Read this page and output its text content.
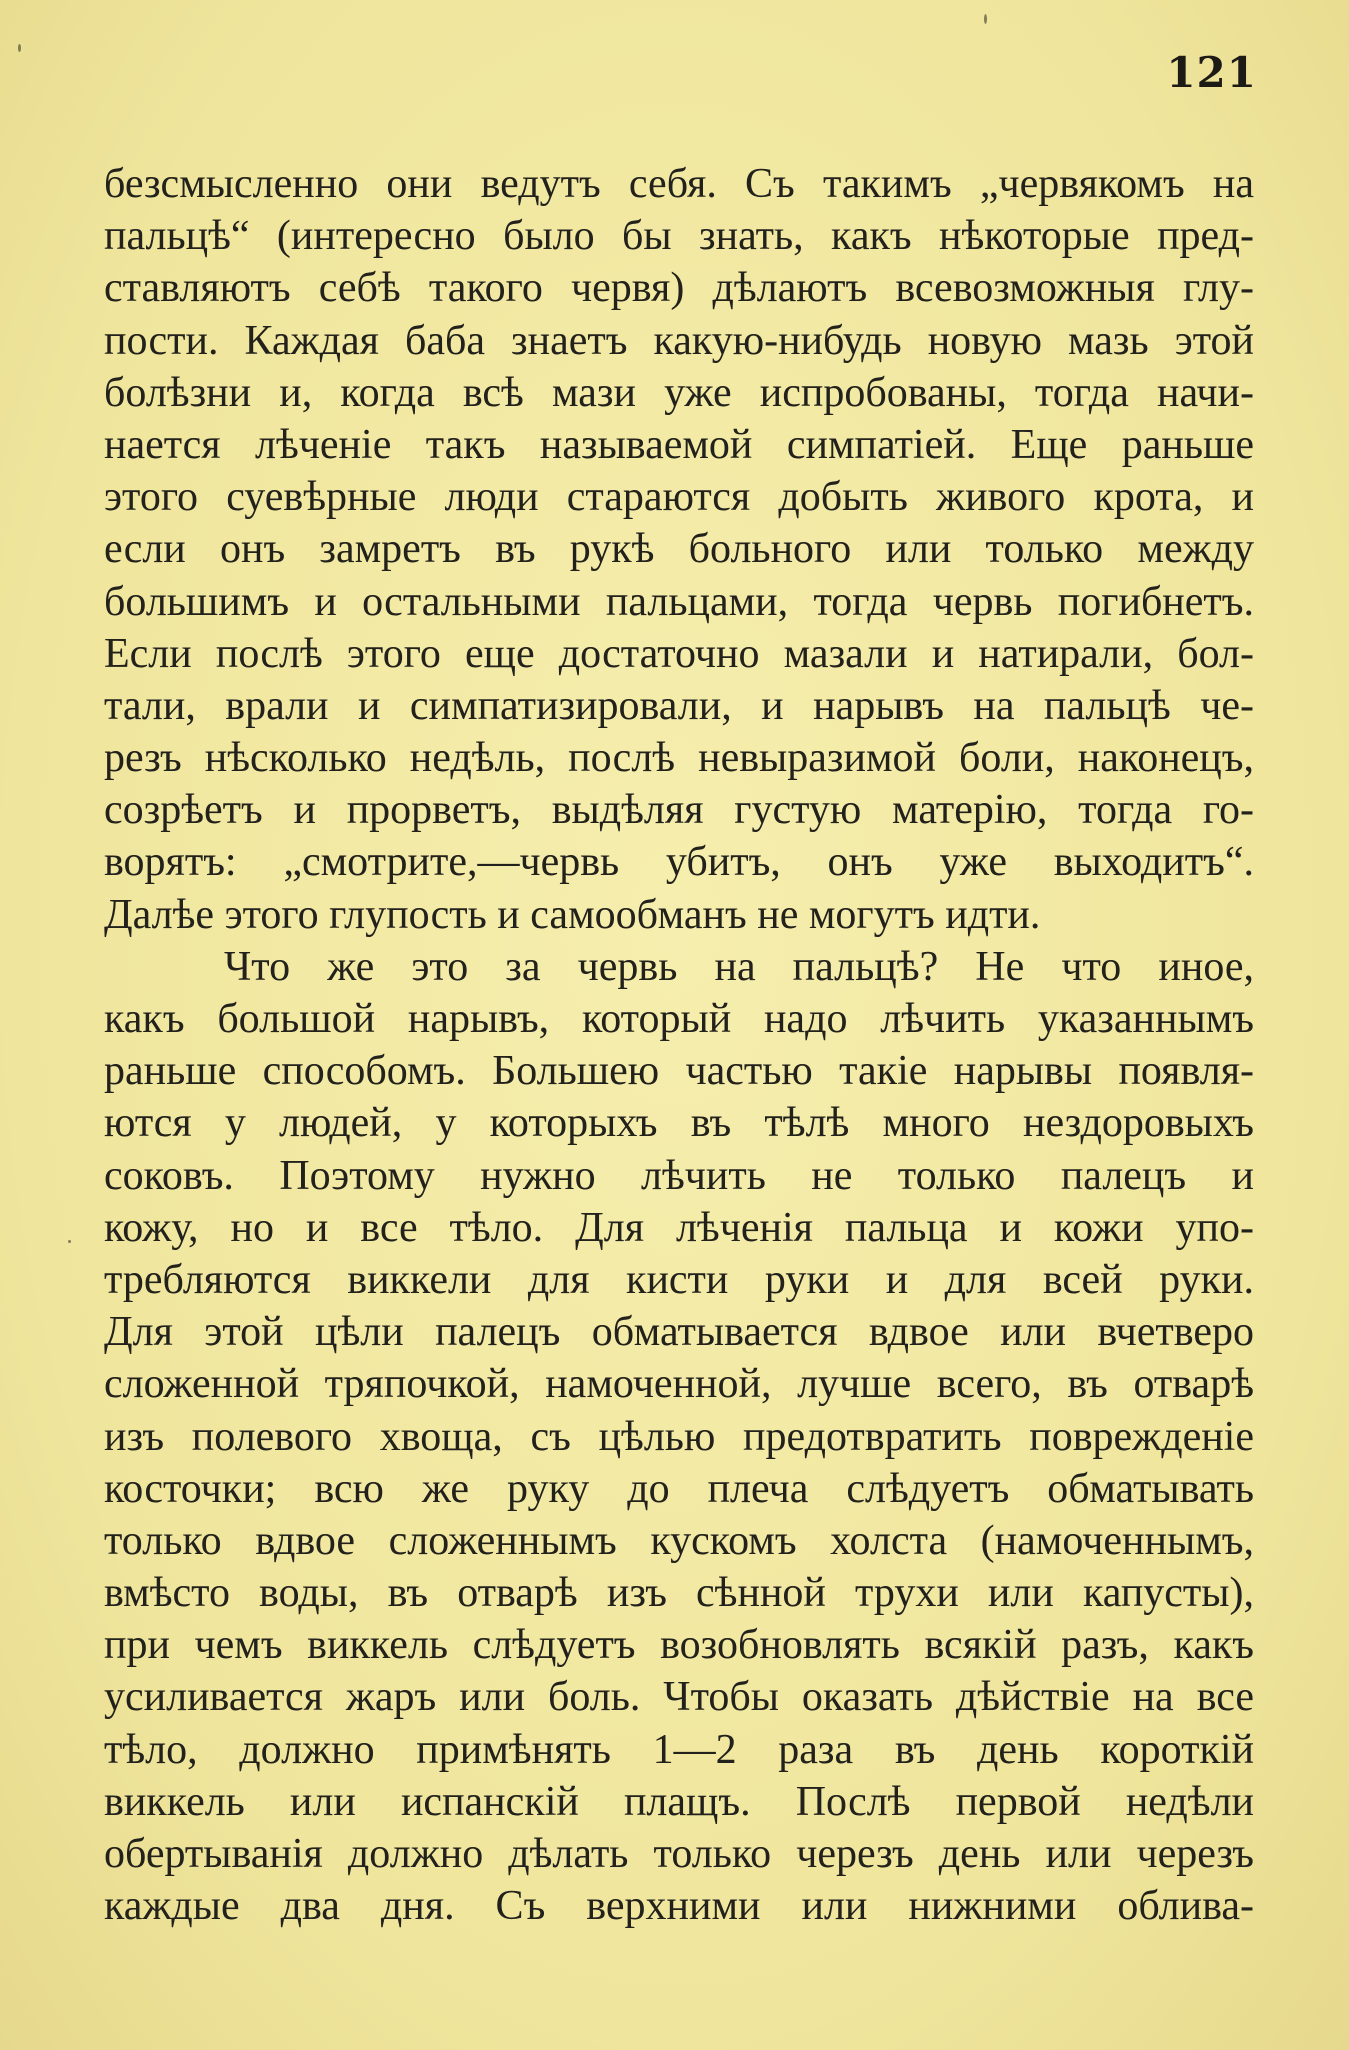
121
безсмысленно они ведутъ себя. Съ такимъ „червякомъ на
пальцѣ“ (интересно было бы знать, какъ нѣкоторые пред-
ставляютъ себѣ такого червя) дѣлаютъ всевозможныя глу-
пости. Каждая баба знаетъ какую-нибудь новую мазь этой
болѣзни и, когда всѣ мази уже испробованы, тогда начи-
нается лѣченіе такъ называемой симпатіей. Еще раньше
этого суевѣрные люди стараются добыть живого крота, и
если онъ замретъ въ рукѣ больного или только между
большимъ и остальными пальцами, тогда червь погибнетъ.
Если послѣ этого еще достаточно мазали и натирали, бол-
тали, врали и симпатизировали, и нарывъ на пальцѣ че-
резъ нѣсколько недѣль, послѣ невыразимой боли, наконецъ,
созрѣетъ и прорветъ, выдѣляя густую матерію, тогда го-
ворятъ: „смотрите,—червь убитъ, онъ уже выходитъ“.
Далѣе этого глупость и самообманъ не могутъ идти.
Что же это за червь на пальцѣ? Не что иное,
какъ большой нарывъ, который надо лѣчить указаннымъ
раньше способомъ. Большею частью такіе нарывы появля-
ются у людей, у которыхъ въ тѣлѣ много нездоровыхъ
соковъ. Поэтому нужно лѣчить не только палецъ и
кожу, но и все тѣло. Для лѣченія пальца и кожи упо-
требляются виккели для кисти руки и для всей руки.
Для этой цѣли палецъ обматывается вдвое или вчетверо
сложенной тряпочкой, намоченной, лучше всего, въ отварѣ
изъ полевого хвоща, съ цѣлью предотвратить поврежденіе
косточки; всю же руку до плеча слѣдуетъ обматывать
только вдвое сложеннымъ кускомъ холста (намоченнымъ,
вмѣсто воды, въ отварѣ изъ сѣнной трухи или капусты),
при чемъ виккель слѣдуетъ возобновлять всякій разъ, какъ
усиливается жаръ или боль. Чтобы оказать дѣйствіе на все
тѣло, должно примѣнять 1—2 раза въ день короткій
виккель или испанскій плащъ. Послѣ первой недѣли
обертыванія должно дѣлать только черезъ день или черезъ
каждые два дня. Съ верхними или нижними облива-
